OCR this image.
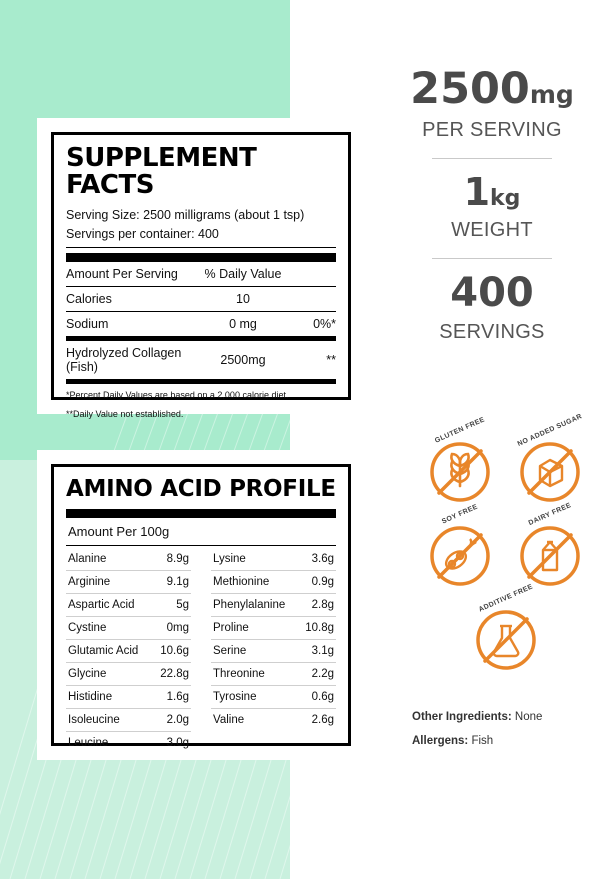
SUPPLEMENT FACTS
Serving Size: 2500 milligrams (about 1 tsp)
Servings per container: 400
Amount Per Serving	% Daily Value	
Calories	10	
Sodium	0 mg	0%*
Hydrolyzed Collagen (Fish)	2500mg	**
*Percent Daily Values are based on a 2,000 calorie diet.
**Daily Value not established.
AMINO ACID PROFILE
Amount Per 100g
Alanine	8.9g
Arginine	9.1g
Aspartic Acid	5g
Cystine	0mg
Glutamic Acid 10.6g
Glycine	22.8g
Histidine	1.6g
Isoleucine	2.0g
Leucine	3.0g
Lysine	3.6g
Methionine	0.9g
Phenylalanine 2.8g
Proline	10.8g
Serine	3.1g
Threonine	2.2g
Tyrosine	0.6g
Valine	2.6g
2500mg
PER SERVING
1kg
WEIGHT
400
SERVINGS
GLUTEN FREE	NO ADDED SUGAR
SOY FREE	DAIRY FREE
ADDITIVE FREE
Other Ingredients: None
Allergens: Fish
